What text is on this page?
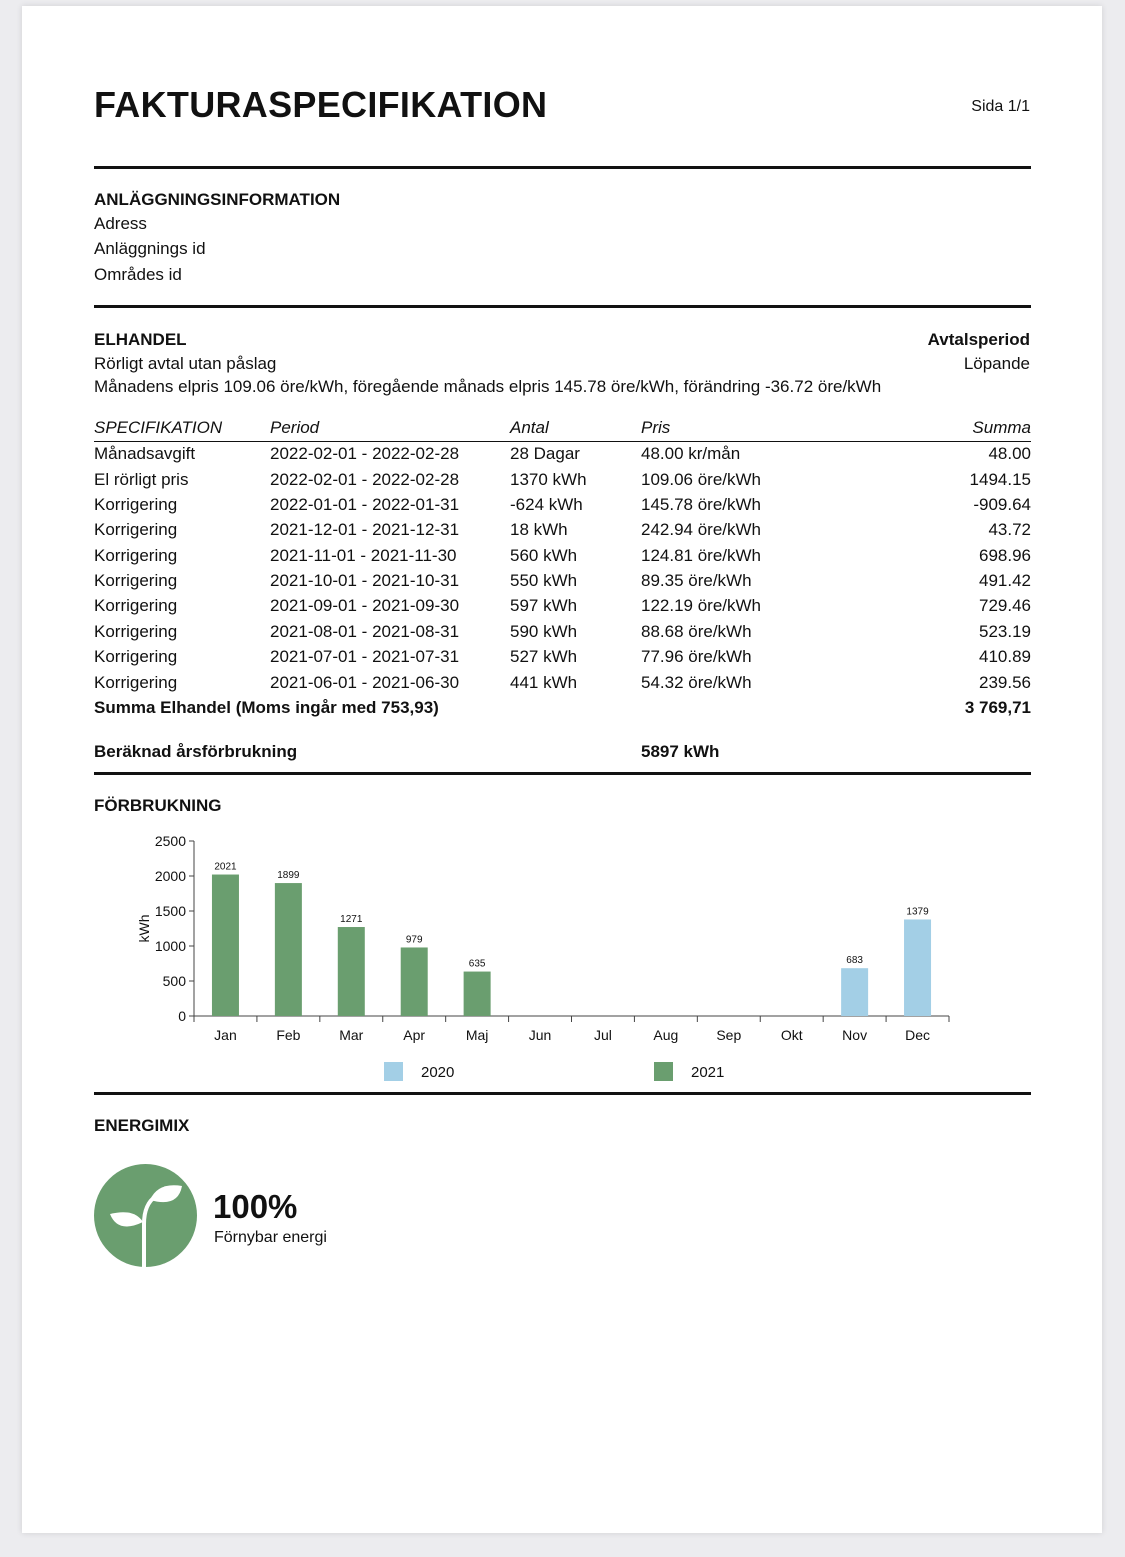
FAKTURASPECIFIKATION	Sida 1/1
ANLÄGGNINGSINFORMATION
Adress
Anläggnings id
Områdes id
ELHANDEL	Avtalsperiod
Rörligt avtal utan påslag	Löpande
Månadens elpris 109.06 öre/kWh, föregående månads elpris 145.78 öre/kWh, förändring -36.72 öre/kWh
SPECIFIKATION	Period	Antal	Pris	Summa
Månadsavgift	2022-02-01 - 2022-02-28	28 Dagar	48.00 kr/mån	48.00
El rörligt pris	2022-02-01 - 2022-02-28	1370 kWh	109.06 öre/kWh	1494.15
Korrigering	2022-01-01 - 2022-01-31	-624 kWh	145.78 öre/kWh	-909.64
Korrigering	2021-12-01 - 2021-12-31	18 kWh	242.94 öre/kWh	43.72
Korrigering	2021-11-01 - 2021-11-30	560 kWh	124.81 öre/kWh	698.96
Korrigering	2021-10-01 - 2021-10-31	550 kWh	89.35 öre/kWh	491.42
Korrigering	2021-09-01 - 2021-09-30	597 kWh	122.19 öre/kWh	729.46
Korrigering	2021-08-01 - 2021-08-31	590 kWh	88.68 öre/kWh	523.19
Korrigering	2021-07-01 - 2021-07-31	527 kWh	77.96 öre/kWh	410.89
Korrigering	2021-06-01 - 2021-06-30	441 kWh	54.32 öre/kWh	239.56
Summa Elhandel (Moms ingår med 753,93)	3 769,71
Beräknad årsförbrukning	5897 kWh
FÖRBRUKNING
0
500
1000
1500
2000
2500
kWh
Jan	Feb	Mar	Apr	Maj	Jun	Jul	Aug	Sep	Okt	Nov	Dec
683
1379
2021
1899
1271
979
635
2020	2021
ENERGIMIX
100%
Förnybar energi
